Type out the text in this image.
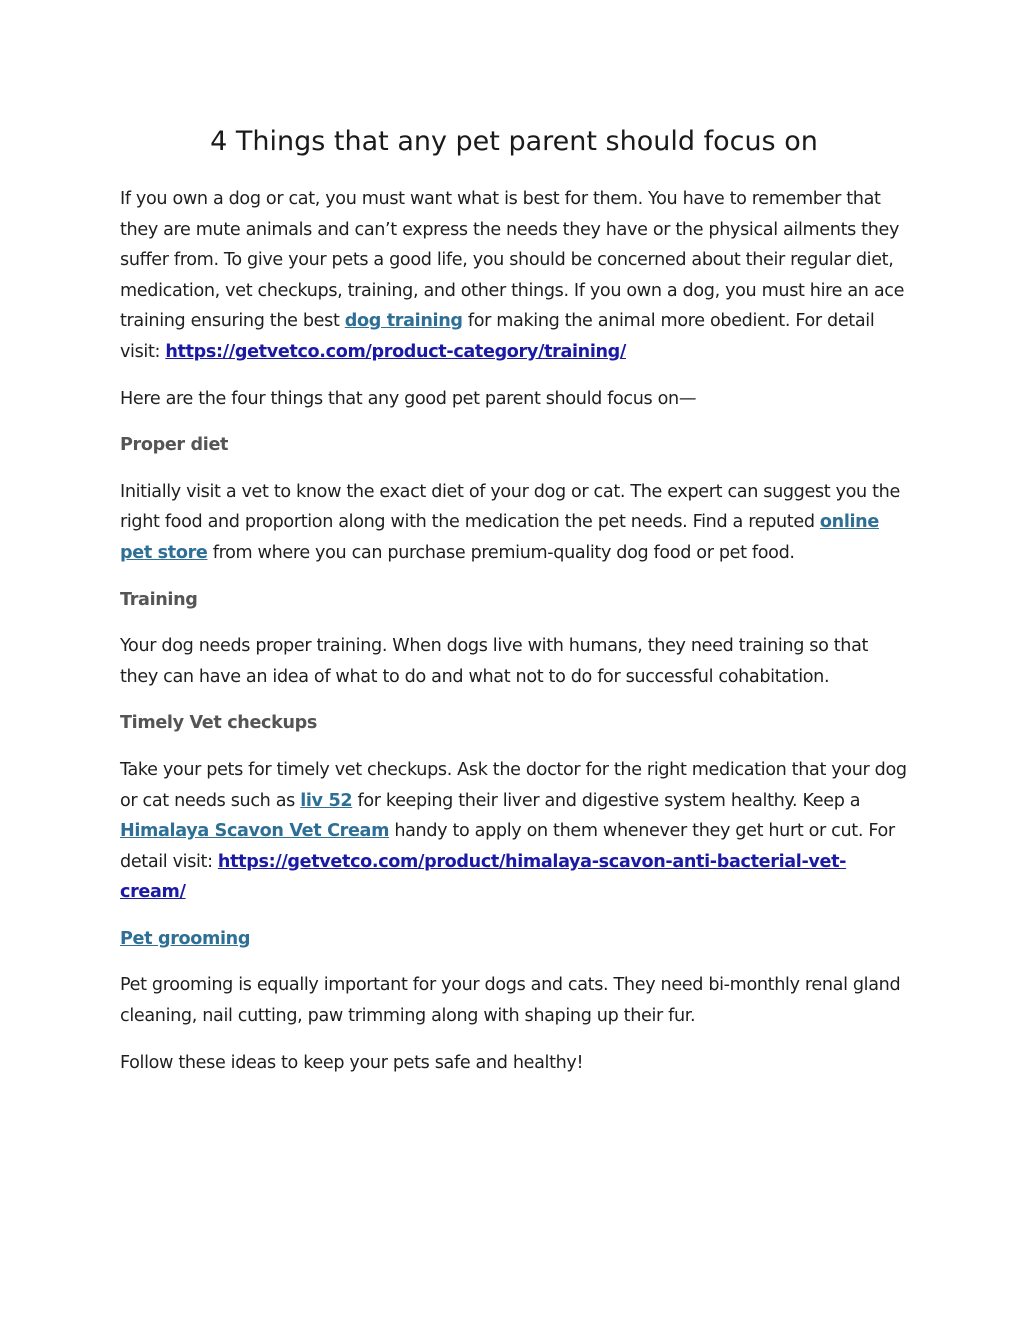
4 Things that any pet parent should focus on

If you own a dog or cat, you must want what is best for them. You have to remember that they are mute animals and can’t express the needs they have or the physical ailments they suffer from. To give your pets a good life, you should be concerned about their regular diet, medication, vet checkups, training, and other things. If you own a dog, you must hire an ace training ensuring the best dog training for making the animal more obedient. For detail visit: https://getvetco.com/product-category/training/

Here are the four things that any good pet parent should focus on—

Proper diet

Initially visit a vet to know the exact diet of your dog or cat. The expert can suggest you the right food and proportion along with the medication the pet needs. Find a reputed online pet store from where you can purchase premium-quality dog food or pet food.

Training

Your dog needs proper training. When dogs live with humans, they need training so that they can have an idea of what to do and what not to do for successful cohabitation.

Timely Vet checkups

Take your pets for timely vet checkups. Ask the doctor for the right medication that your dog or cat needs such as liv 52 for keeping their liver and digestive system healthy. Keep a Himalaya Scavon Vet Cream handy to apply on them whenever they get hurt or cut. For detail visit: https://getvetco.com/product/himalaya-scavon-anti-bacterial-vet-cream/

Pet grooming

Pet grooming is equally important for your dogs and cats. They need bi-monthly renal gland cleaning, nail cutting, paw trimming along with shaping up their fur.

Follow these ideas to keep your pets safe and healthy!
